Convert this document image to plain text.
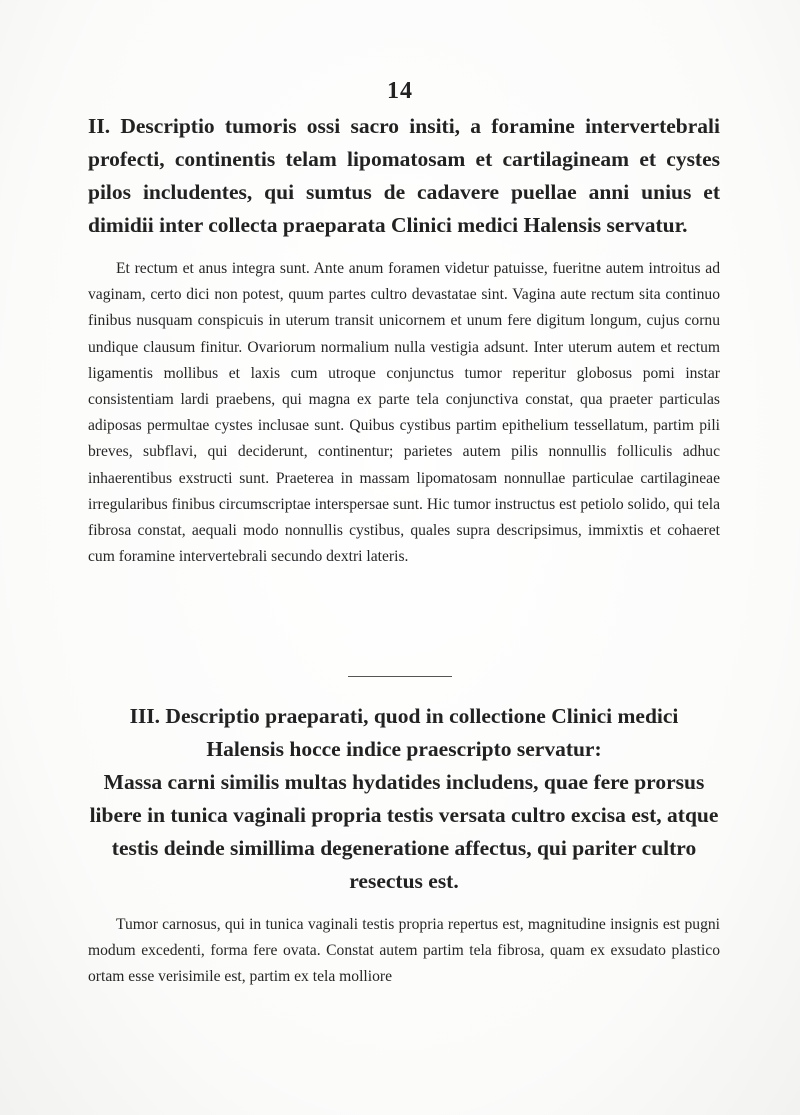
14

II. Descriptio tumoris ossi sacro insiti, a foramine intervertebrali profecti, continentis telam lipomatosam et cartilagineam et cystes pilos includentes, qui sumtus de cadavere puellae anni unius et dimidii inter collecta praeparata Clinici medici Halensis servatur.

Et rectum et anus integra sunt. Ante anum foramen videtur patuisse, fueritne autem introitus ad vaginam, certo dici non potest, quum partes cultro devastatae sint. Vagina aute rectum sita continuo finibus nusquam conspicuis in uterum transit unicornem et unum fere digitum longum, cujus cornu undique clausum finitur. Ovariorum normalium nulla vestigia adsunt. Inter uterum autem et rectum ligamentis mollibus et laxis cum utroque conjunctus tumor reperitur globosus pomi instar consistentiam lardi praebens, qui magna ex parte tela conjunctiva constat, qua praeter particulas adiposas permultae cystes inclusae sunt. Quibus cystibus partim epithelium tessellatum, partim pili breves, subflavi, qui deciderunt, continentur; parietes autem pilis nonnullis folliculis adhuc inhaerentibus exstructi sunt. Praeterea in massam lipomatosam nonnullae particulae cartilagineae irregularibus finibus circumscriptae interspersae sunt. Hic tumor instructus est petiolo solido, qui tela fibrosa constat, aequali modo nonnullis cystibus, quales supra descripsimus, immixtis et cohaeret cum foramine intervertebrali secundo dextri lateris.

III. Descriptio praeparati, quod in collectione Clinici medici

Halensis hocce indice praescripto servatur:

Massa carni similis multas hydatides includens, quae fere prorsus libere in tunica vaginali propria testis versata cultro excisa est, atque testis deinde simillima degeneratione affectus, qui pariter cultro resectus est.

Tumor carnosus, qui in tunica vaginali testis propria repertus est, magnitudine insignis est pugni modum excedenti, forma fere ovata. Constat autem partim tela fibrosa, quam ex exsudato plastico ortam esse verisimile est, partim ex tela molliore
